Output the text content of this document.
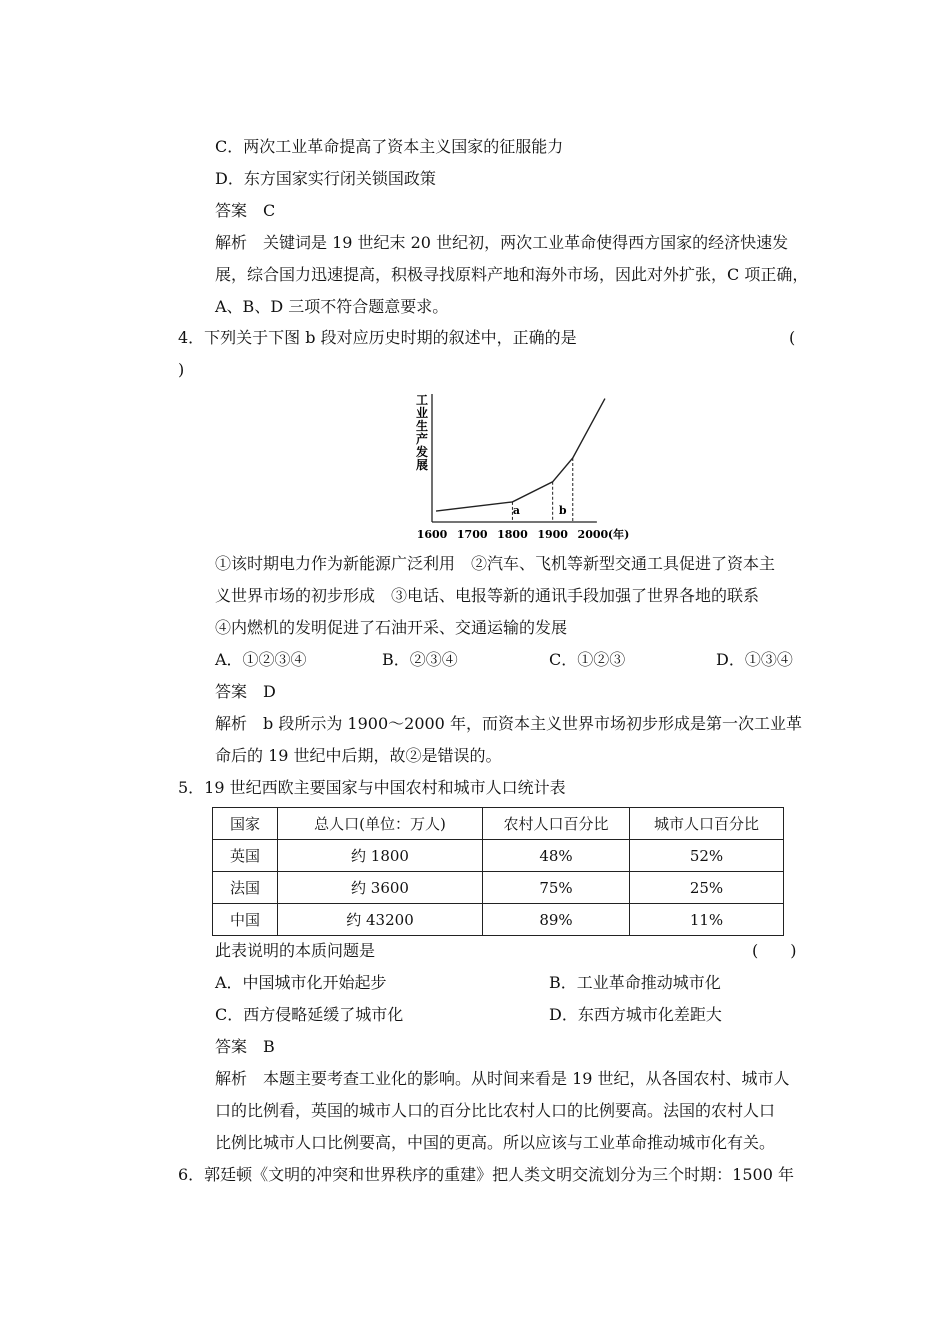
C．两次工业革命提高了资本主义国家的征服能力
D．东方国家实行闭关锁国政策
答案　C
解析　关键词是 19 世纪末 20 世纪初，两次工业革命使得西方国家的经济快速发
展，综合国力迅速提高，积极寻找原料产地和海外市场，因此对外扩张，C 项正确，
A、B、D 三项不符合题意要求。
4．下列关于下图 b 段对应历史时期的叙述中，正确的是	(
)
工
业
生
产
发
展
1600 1700 1800 1900 2000
a	b
(年)
①该时期电力作为新能源广泛利用　②汽车、飞机等新型交通工具促进了资本主
义世界市场的初步形成　③电话、电报等新的通讯手段加强了世界各地的联系
④内燃机的发明促进了石油开采、交通运输的发展
A．①②③④	B．②③④	C．①②③	D．①③④
答案　D
解析　b 段所示为 1900～2000 年，而资本主义世界市场初步形成是第一次工业革
命后的 19 世纪中后期，故②是错误的。
5．19 世纪西欧主要国家与中国农村和城市人口统计表
国家	总人口(单位：万人)	农村人口百分比	城市人口百分比
英国	约 1800	48%	52%
法国	约 3600	75%	25%
中国	约 43200	89%	11%
此表说明的本质问题是	(　　)
A．中国城市化开始起步	B．工业革命推动城市化
C．西方侵略延缓了城市化	D．东西方城市化差距大
答案　B
解析　本题主要考查工业化的影响。从时间来看是 19 世纪，从各国农村、城市人
口的比例看，英国的城市人口的百分比比农村人口的比例要高。法国的农村人口
比例比城市人口比例要高，中国的更高。所以应该与工业革命推动城市化有关。
6．郭廷顿《文明的冲突和世界秩序的重建》把人类文明交流划分为三个时期：1500 年
